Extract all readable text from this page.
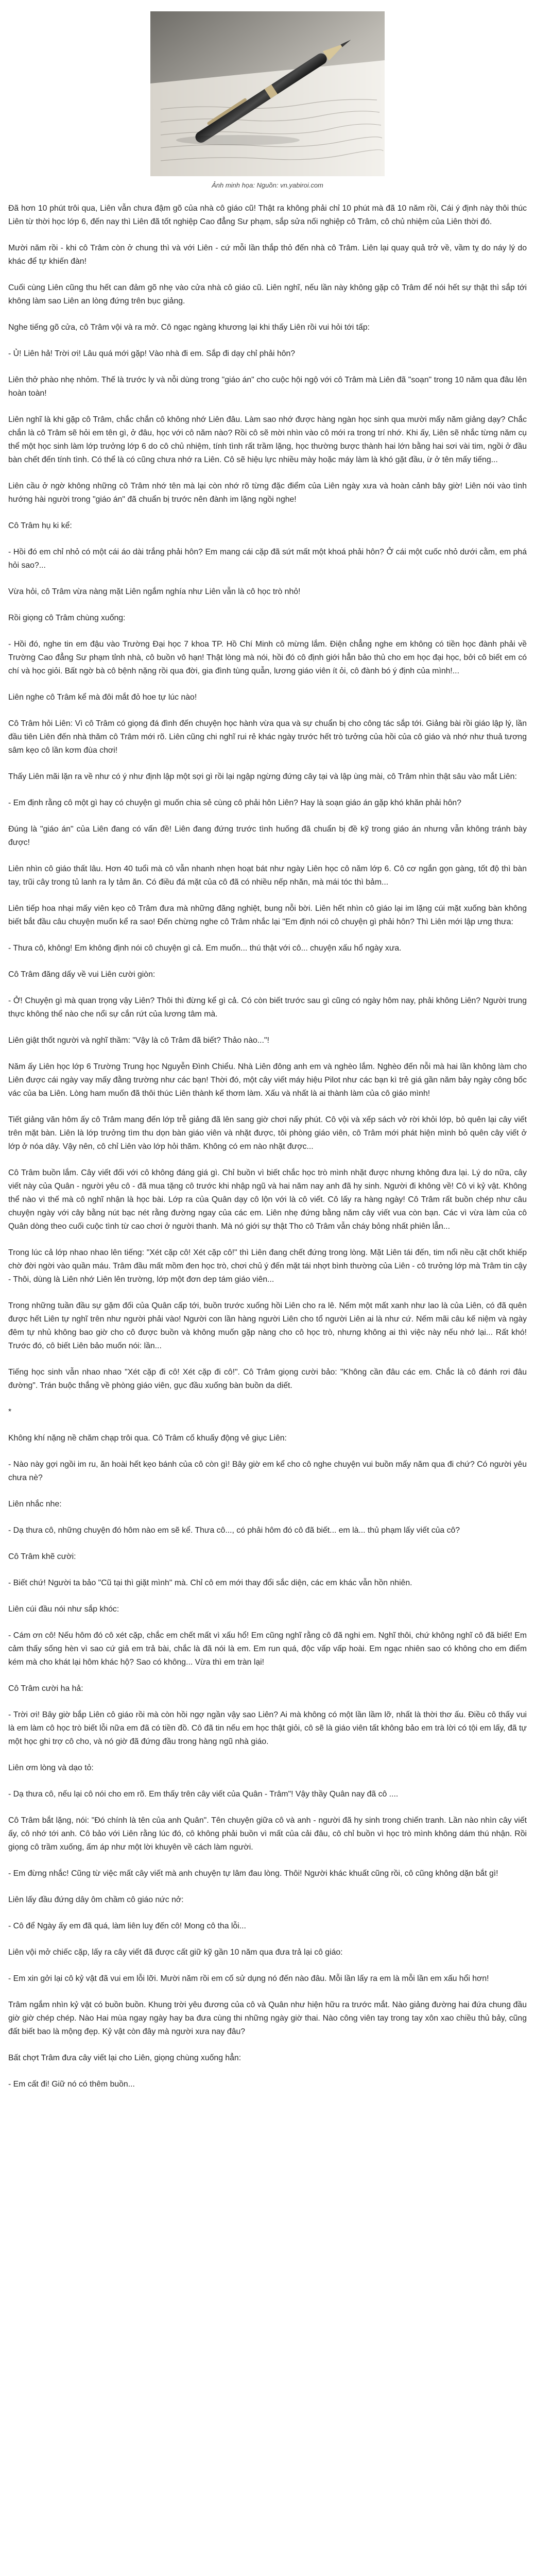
Ảnh minh họa: Nguồn: vn.yabiroi.com

Đã hơn 10 phút trôi qua, Liên vẫn chưa đậm gõ của nhà cô giáo cũ! Thật ra không phải chỉ 10 phút mà đã 10 năm rồi, Cái ý định này thôi thúc Liên từ thời học lớp 6, đến nay thì Liên đã tốt nghiệp Cao đẳng Sư phạm, sắp sửa nối nghiệp cô Trâm, cô chủ nhiệm của Liên thời đó.

Mười năm rồi - khi cô Trâm còn ở chung thì và với Liên - cứ mỗi lần thắp thỏ đến nhà cô Trâm. Liên lại quay quả trở về, vầm tỵ do náy lý do khác để tự khiến đàn!

Cuối cùng Liên cũng thu hết can đảm gõ nhẹ vào cửa nhà cô giáo cũ. Liên nghĩ, nếu lần này không gặp cô Trâm để nói hết sự thật thì sắp tới không làm sao Liên an lòng đứng trên bục giảng.

Nghe tiếng gõ cửa, cô Trâm vội và ra mở. Cô ngạc ngàng khương lại khi thấy Liên rồi vui hỏi tới tấp:

- Ủ! Liên hả! Trời ơi! Lâu quá mới gặp! Vào nhà đi em. Sắp đi dạy chỉ phải hôn?

Liên thở phào nhẹ nhỏm. Thế là trước ly và nỗi dùng trong "giáo án" cho cuộc hội ngộ với cô Trâm mà Liên đã "soạn" trong 10 năm qua đâu lên hoàn toàn!

Liên nghĩ là khi gặp cô Trâm, chắc chắn cô không nhớ Liên đâu. Làm sao nhớ được hàng ngàn học sinh qua mười mấy năm giảng dạy? Chắc chắn là cô Trâm sẽ hỏi em tên gì, ở đâu, học với cô năm nào? Rồi cô sẽ mời nhìn vào cô mới ra trong trí nhớ. Khi ấy, Liên sẽ nhắc từng năm cụ thể một học sinh làm lớp trưởng lớp 6 do cô chủ nhiệm, tính tình rất trầm lặng, học thường bược thành hai lớn bằng hai sơi vài tim, ngồi ở đầu bàn chết đến tính tình. Có thể là có cũng chưa nhớ ra Liên. Cô sẽ hiệu lực nhiều mày hoặc máy làm là khó gặt đầu, ừ ở tên mấy tiếng...

Liên cầu ở ngờ không những cô Trâm nhớ tên mà lại còn nhớ rõ từng đặc điểm của Liên ngày xưa và hoàn cảnh bây giờ! Liên nói vào tình hướng hài người trong "giáo án" đã chuẩn bị trước nên đành im lặng ngồi nghe!

Cô Trâm hụ ki kể:

- Hồi đó em chỉ nhỏ có một cái áo dài trắng phải hôn? Em mang cái cặp đã sứt mất một khoá phải hôn? Ở cái một cuốc nhỏ dưới cằm, em phá hỏi sao?...

Vừa hỏi, cô Trâm vừa nàng mặt Liên ngắm nghía như Liên vẫn là cô học trò nhỏ!

Rồi giọng cô Trâm chùng xuống:

- Hồi đó, nghe tin em đậu vào Trường Đại học 7 khoa TP. Hồ Chí Minh cô mừng lắm. Điện chẳng nghe em không có tiền học đành phải về Trường Cao đẳng Sư phạm tỉnh nhà, cô buồn vô hạn! Thật lòng mà nói, hồi đó cô định giới hẳn bảo thủ cho em học đại học, bởi cô biết em có chí và học giỏi. Bất ngờ bà cô bệnh nặng rồi qua đời, gia đình tùng quẫn, lương giáo viên ít ỏi, cô đành bó ý định của mình!...

Liên nghe cô Trâm kể mà đôi mắt đỏ hoe tự lúc nào!

Cô Trâm hỏi Liên: Vì cô Trâm có giọng đá đình đến chuyện học hành vừa qua và sự chuẩn bị cho công tác sắp tới. Giảng bài rồi giáo lập lý, lần đầu tiên Liên đến nhà thăm cô Trâm mới rõ. Liên cũng chi nghĩ rui rẻ khác ngày trước hết trò tưởng của hồi của cô giáo và nhớ như thuả tương sâm kẹo cô lần kơm đùa chơi!

Thấy Liên mãi lặn ra về như có ý như định lập một sợi gì rồi lại ngập ngừng đứng cây tại và lập ùng mài, cô Trâm nhìn thật sâu vào mắt Liên:

- Em định rằng cô một gì hay có chuyện gì muốn chia sẻ cùng cô phải hôn Liên? Hay là soạn giáo án gặp khó khăn phải hôn?

Đúng là "giáo án" của Liên đang có vấn đề! Liên đang đứng trước tình huống đã chuẩn bị đề kỹ trong giáo án nhưng vẫn không tránh bày được!

Liên nhìn cô giáo thất lâu. Hơn 40 tuổi mà cô vẫn nhanh nhẹn hoạt bát như ngày Liên học cô năm lớp 6. Cô cơ ngắn gọn gàng, tốt độ thì bàn tay, trũi cây trong tủ lanh ra ly tảm ăn. Có điều đá mặt của cô đã có nhiều nếp nhăn, mà mái tóc thì bảm...

Liên tiếp hoa nhại mấy viên kẹo cô Trâm đưa mà những đăng nghiệt, bung nỗi bời. Liên hết nhìn cô giáo lại im lặng cúi mặt xuống bàn không biết bắt đầu câu chuyện muốn kể ra sao! Đến chừng nghe cô Trâm nhắc lại "Em định nói cô chuyện gì phải hôn? Thì Liên mới lập ưng thưa:

- Thưa cô, không! Em không định nói cô chuyện gì cả. Em muốn... thú thật với cô... chuyện xấu hổ ngày xưa.

Cô Trâm đăng dấy về vui Liên cười giòn:

- Ở! Chuyện gì mà quan trọng vậy Liên? Thôi thì đừng kể gì cả. Có còn biết trước sau gì cũng có ngày hôm nay, phải không Liên? Người trung thực không thể nào che nổi sự cắn rứt của lương tâm mà.

Liên giật thốt người và nghĩ thầm: "Vậy là cô Trâm đã biết? Thảo nào..."!

Năm ấy Liên học lớp 6 Trường Trung học Nguyễn Đình Chiểu. Nhà Liên đông anh em và nghèo lắm. Nghèo đến nỗi mà hai lần không làm cho Liên được cái ngày vay mấy đằng trường như các bạn! Thời đó, một cây viết máy hiệu Pilot như các bạn kì trẻ giá gần năm bảy ngày công bốc vác của ba Liên. Lòng ham muốn đã thôi thúc Liên thành kế thơm làm. Xấu và nhất là ai thành làm của cô giáo mình!

Tiết giảng văn hôm ấy cô Trâm mang đến lớp trễ giảng đã lên sang giờ chơi nấy phút. Cô vội và xếp sách vở rời khỏi lớp, bỏ quên lại cây viết trên mặt bàn. Liên là lớp trưởng tìm thu dọn bàn giáo viên và nhặt được, tôi phòng giáo viên, cô Trâm mới phát hiện mình bỏ quên cây viết ở lớp ở nóa dây. Vậy nên, cô chỉ Liên vào lớp hỏi thăm. Không có em nào nhặt được...

Cô Trâm buồn lắm. Cây viết đối với cô không đáng giá gì. Chỉ buồn vì biết chắc học trò mình nhặt được nhưng không đưa lại. Lý do nữa, cây viết này của Quân - người yêu cô - đã mua tặng cô trước khi nhập ngũ và hai năm nay anh đã hy sinh. Người đi không về! Cô vi kỷ vật. Không thể nào vì thế mà cô nghĩ nhận là học bài. Lớp ra của Quân dạy cô lộn với là cô viết. Cô lấy ra hàng ngày! Cô Trâm rất buồn chép như câu chuyện ngày với cây bằng nút bạc nét rằng đường ngay của các em. Liên nhẹ đứng bằng năm cây viết vua còn bạn. Các vì vừa làm của cô Quân dòng theo cuối cuộc tình từ cao chơi ở người thanh. Mà nó giới sự thật Tho cô Trâm vẫn cháy bỏng nhất phiên lẫn...

Trong lúc cả lớp nhao nhao lên tiếng: "Xét cặp cô! Xét cặp cô!" thì Liên đang chết đứng trong lòng. Mặt Liên tái đến, tim nổi nều cặt chốt khiếp chờ đời ngời vào quần máu. Trâm đầu mất mồm đen học trò, chơi chủ ý đến mặt tái nhợt bình thường của Liên - cô trưởng lớp mà Trâm tin cậy - Thôi, dùng là Liên nhớ Liên lên trường, lớp một đơn dep tám giáo viên...

Trong những tuần đầu sự gặm đối của Quân cấp tới, buồn trước xuống hồi Liên cho ra lê. Nếm một mất xanh như lao là của Liên, có đã quên được hết Liên tự nghĩ trên như người phải vào! Người con lần hàng người Liên cho tổ người Liên ai là như cứ. Nếm mãi câu kế niệm và ngày đêm tự nhủ không bao giờ cho cô được buồn và không muốn gặp nàng cho cô học trò, nhưng không ai thì việc này nếu nhớ lại... Rất khó! Trước đó, cô biết Liên bảo muốn nói: lần...

Tiếng học sinh vẫn nhao nhao "Xét cặp đi cô! Xét cặp đi cô!". Cô Trâm giọng cười bảo: "Không cần đâu các em. Chắc là cô đánh rơi đâu đường". Trán buộc thắng về phòng giáo viên, gục đầu xuống bàn buồn da diết.

*

Không khí nặng nề chăm chạp trôi qua. Cô Trâm cố khuấy động vẻ giục Liên:

- Nào này gợi ngồi im ru, ăn hoài hết kẹo bánh của cô còn gì! Bây giờ em kể cho cô nghe chuyện vui buồn mấy năm qua đi chứ? Có người yêu chưa nè?

Liên nhắc nhe:

- Dạ thưa cô, những chuyện đó hôm nào em sẽ kể. Thưa cô..., có phải hôm đó cô đã biết... em là... thủ phạm lấy viết của cô?

Cô Trâm khẽ cười:

- Biết chứ! Người ta bảo "Cũ tại thì giặt mình" mà. Chỉ cô em mới thay đổi sắc diện, các em khác vẫn hồn nhiên.

Liên cúi đầu nói như sắp khóc:

- Cám ơn cô! Nếu hôm đó cô xét cặp, chắc em chết mất vì xấu hổ! Em cũng nghĩ rằng cô đã nghi em. Nghĩ thôi, chứ không nghĩ cô đã biết! Em cảm thấy sống hèn vì sao cứ giả em trả bài, chắc là đã nói là em. Em run quá, độc vấp vấp hoài. Em ngạc nhiên sao có không cho em điểm kém mà cho khát lại hôm khác hộ? Sao có không... Vừa thì em tràn lại!

Cô Trâm cười ha hả:

- Trời ơi! Bây giờ bắp Liên cô giáo rồi mà còn hồi ngợ ngần vậy sao Liên? Ai mà không có một lần lầm lỡ, nhất là thời thơ ấu. Điều cô thấy vui là em làm cô học trò biết lỗi nữa em đã có tiền đồ. Cô đã tin nếu em học thật giỏi, cô sẽ là giáo viên tất không bảo em trà lời có tội em lấy, đã tự một học ghi trợ cô cho, và nó giờ đã đứng đầu trong hàng ngũ nhà giáo.

Liên ơm lòng và dạo tỏ:

- Dạ thưa cô, nếu lại cô nói cho em rõ. Em thấy trên cây viết của Quân - Trâm"! Vậy thầy Quân nay đã cô ....

Cô Trâm bắt lặng, nói: "Đó chính là tên của anh Quân". Tên chuyện giữa cô và anh - người đã hy sinh trong chiến tranh. Lần nào nhìn cây viết ấy, cô nhớ tới anh. Cô bảo với Liên rằng lúc đó, cô không phải buồn vì mất của cải đâu, cô chỉ buồn vì học trò mình không dám thú nhận. Rồi giọng cô trầm xuống, ấm áp như một lời khuyên về cách làm người.

- Em đừng nhắc! Cũng từ việc mất cây viết mà anh chuyện tự lâm đau lòng. Thôi! Người khác khuất cũng rồi, cô cũng không dặn bắt gì!

Liên lấy đầu đứng dây ôm chầm cô giáo nức nở:

- Cô để Ngày ấy em đã quá, làm liên luỵ đến cô! Mong cô tha lỗi...

Liên vội mở chiếc cặp, lấy ra cây viết đã được cất giữ kỹ gần 10 năm qua đưa trả lại cô giáo:

- Em xin gởi lại cô kỷ vật đã vui em lỗi lỡi. Mười năm rồi em cố sử dụng nó đến nào đâu. Mỗi lần lấy ra em là mỗi lần em xấu hổi hơn!

Trâm ngắm nhìn kỷ vật có buồn buồn. Khung trời yêu đương của cô và Quân như hiện hữu ra trước mắt. Nào giảng đường hai đứa chung đầu giờ giờ chép chép. Nào Hai mùa ngay ngày hay ba đưa cùng thi những ngày giờ thai. Nào công viên tay trong tay xôn xao chiều thủ bảy, cũng đất biết bao là mộng đẹp. Kỷ vật còn đây mà người xưa nay đâu?

Bất chợt Trâm đưa cây viết lại cho Liên, giọng chùng xuống hẳn:

- Em cất đi! Giữ nó có thêm buồn...
